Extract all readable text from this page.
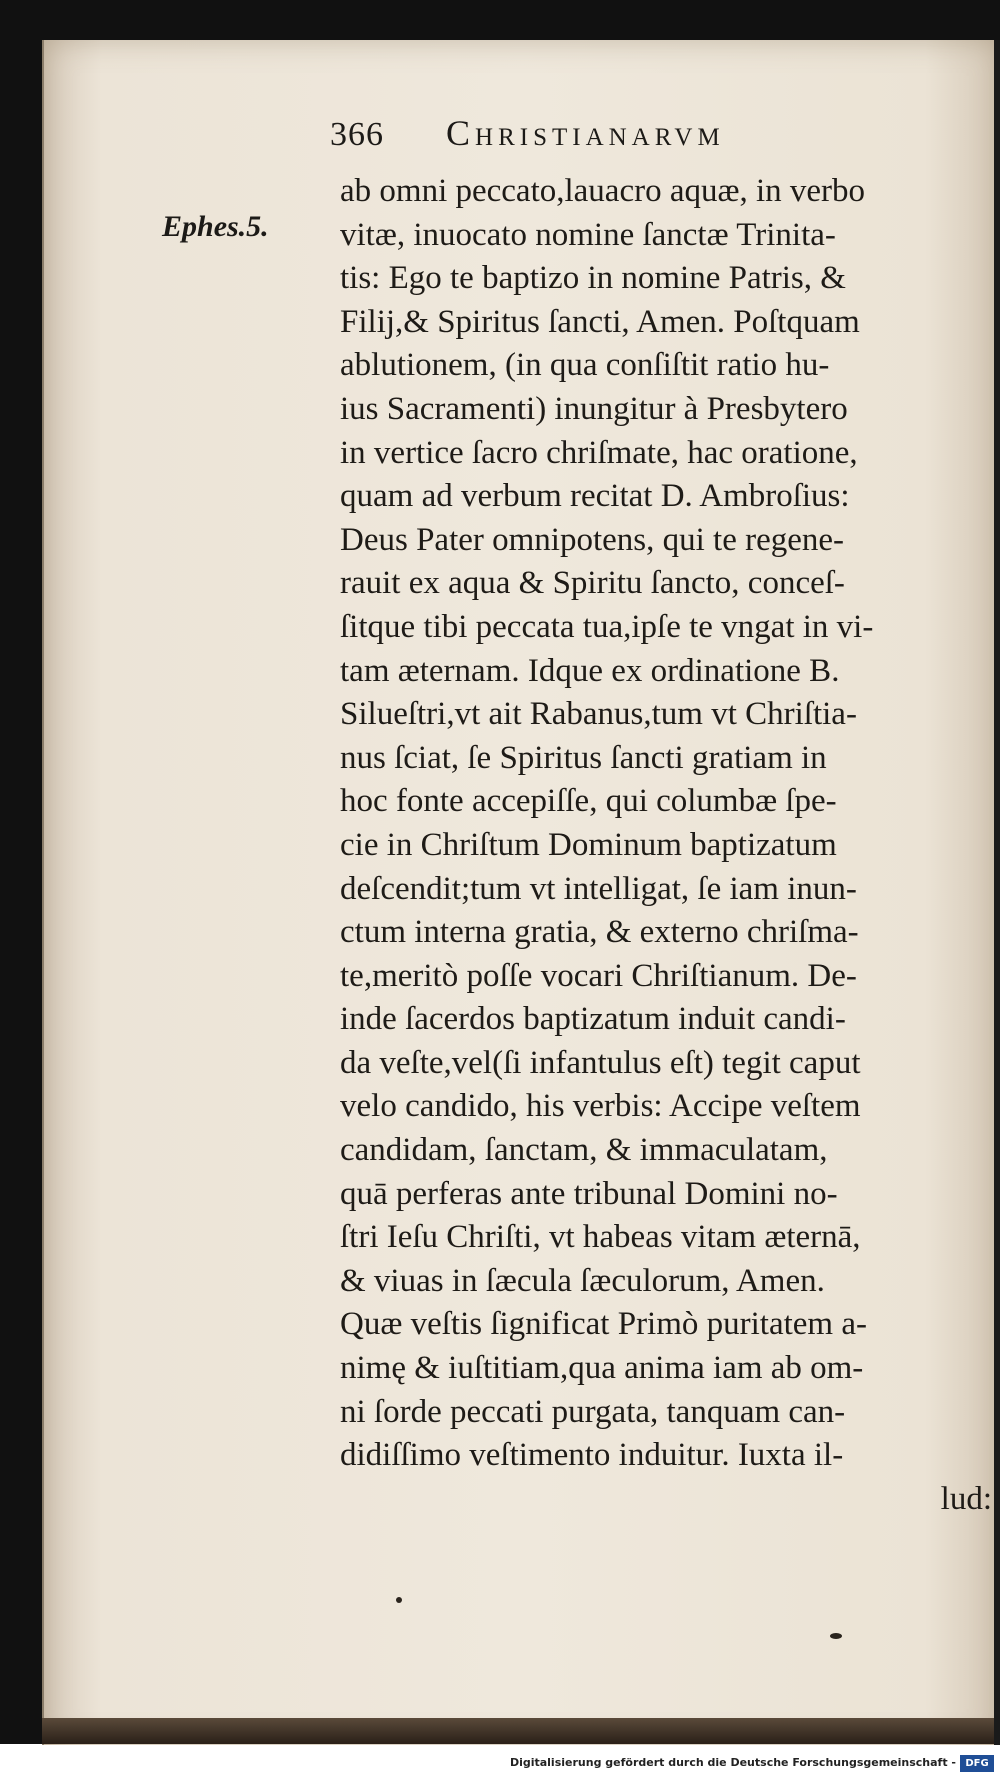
366 Christianarvm
Ephes.5.
ab omni peccato,lauacro aquæ, in verbo
vitæ, inuocato nomine ſanctæ Trinita-
tis: Ego te baptizo in nomine Patris, &
Filij,& Spiritus ſancti, Amen. Poſtquam
ablutionem, (in qua conſiſtit ratio hu-
ius Sacramenti) inungitur à Presbytero
in vertice ſacro chriſmate, hac oratione,
quam ad verbum recitat D. Ambroſius:
Deus Pater omnipotens, qui te regene-
rauit ex aqua & Spiritu ſancto, conceſ-
ſitque tibi peccata tua,ipſe te vngat in vi-
tam æternam. Idque ex ordinatione B.
Silueſtri,vt ait Rabanus,tum vt Chriſtia-
nus ſciat, ſe Spiritus ſancti gratiam in
hoc fonte accepiſſe, qui columbæ ſpe-
cie in Chriſtum Dominum baptizatum
deſcendit;tum vt intelligat, ſe iam inun-
ctum interna gratia, & externo chriſma-
te,meritò poſſe vocari Chriſtianum. De-
inde ſacerdos baptizatum induit candi-
da veſte,vel(ſi infantulus eſt) tegit caput
velo candido, his verbis: Accipe veſtem
candidam, ſanctam, & immaculatam,
quā perferas ante tribunal Domini no-
ſtri Ieſu Chriſti, vt habeas vitam æternā,
& viuas in ſæcula ſæculorum, Amen.
Quæ veſtis ſignificat Primò puritatem a-
nimę & iuſtitiam,qua anima iam ab om-
ni ſorde peccati purgata, tanquam can-
didiſſimo veſtimento induitur. Iuxta il-
lud:
Digitalisierung gefördert durch die Deutsche Forschungsgemeinschaft - DFG
